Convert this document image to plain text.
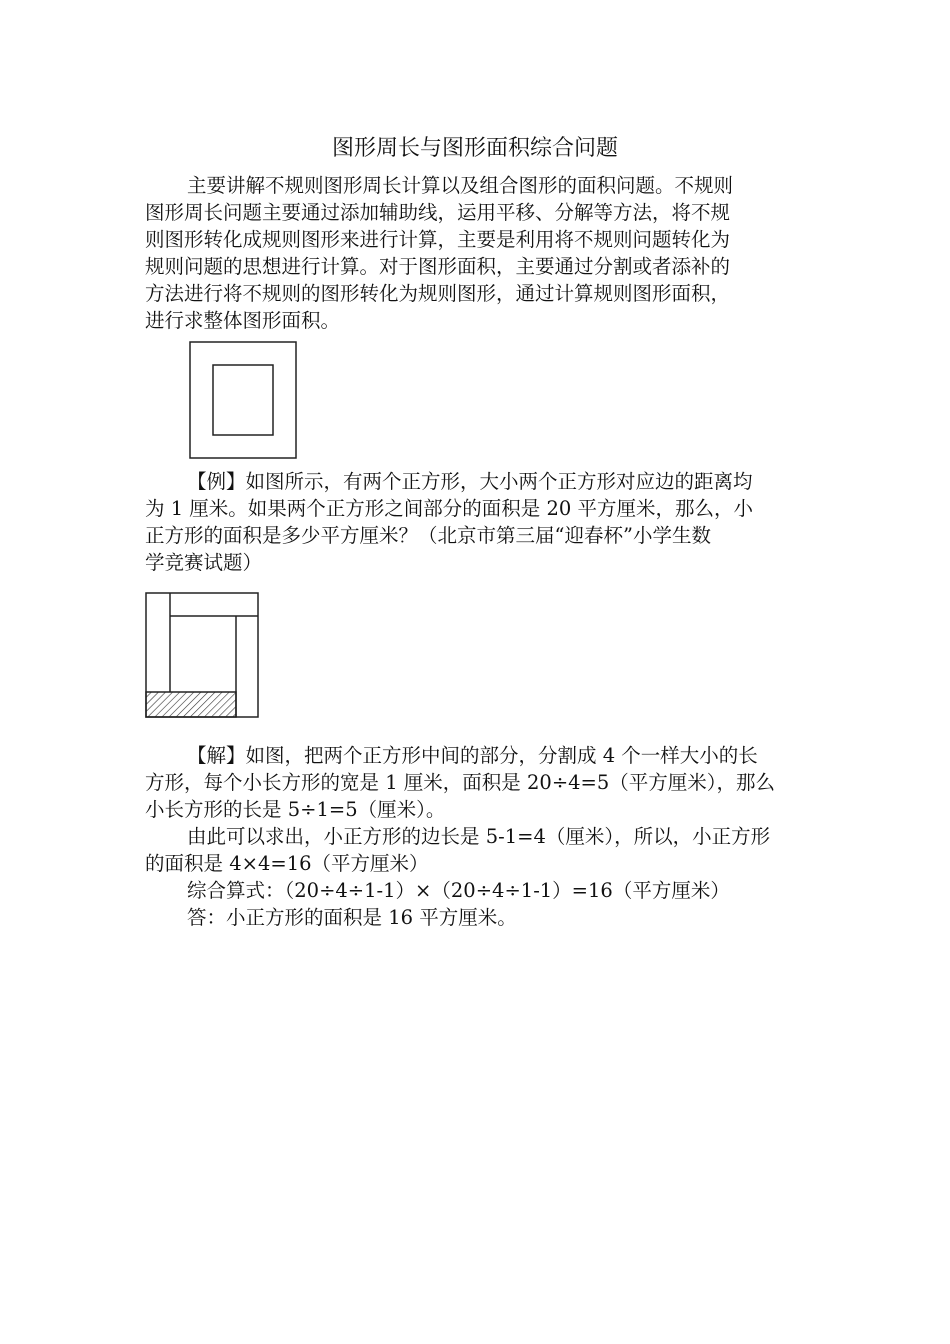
图形周长与图形面积综合问题
主要讲解不规则图形周长计算以及组合图形的面积问题。不规则
图形周长问题主要通过添加辅助线，运用平移、分解等方法，将不规
则图形转化成规则图形来进行计算，主要是利用将不规则问题转化为
规则问题的思想进行计算。对于图形面积，主要通过分割或者添补的
方法进行将不规则的图形转化为规则图形，通过计算规则图形面积，
进行求整体图形面积。
【例】如图所示，有两个正方形，大小两个正方形对应边的距离均
为 1 厘米。如果两个正方形之间部分的面积是 20 平方厘米，那么，小
正方形的面积是多少平方厘米？（北京市第三届“迎春杯”小学生数
学竞赛试题）
【解】如图，把两个正方形中间的部分，分割成 4 个一样大小的长
方形，每个小长方形的宽是 1 厘米，面积是 20÷4=5（平方厘米），那么
小长方形的长是 5÷1=5（厘米）。
由此可以求出，小正方形的边长是 5-1=4（厘米），所以，小正方形
的面积是 4×4=16（平方厘米）
综合算式：（20÷4÷1-1）×（20÷4÷1-1）=16（平方厘米）
答：小正方形的面积是 16 平方厘米。
